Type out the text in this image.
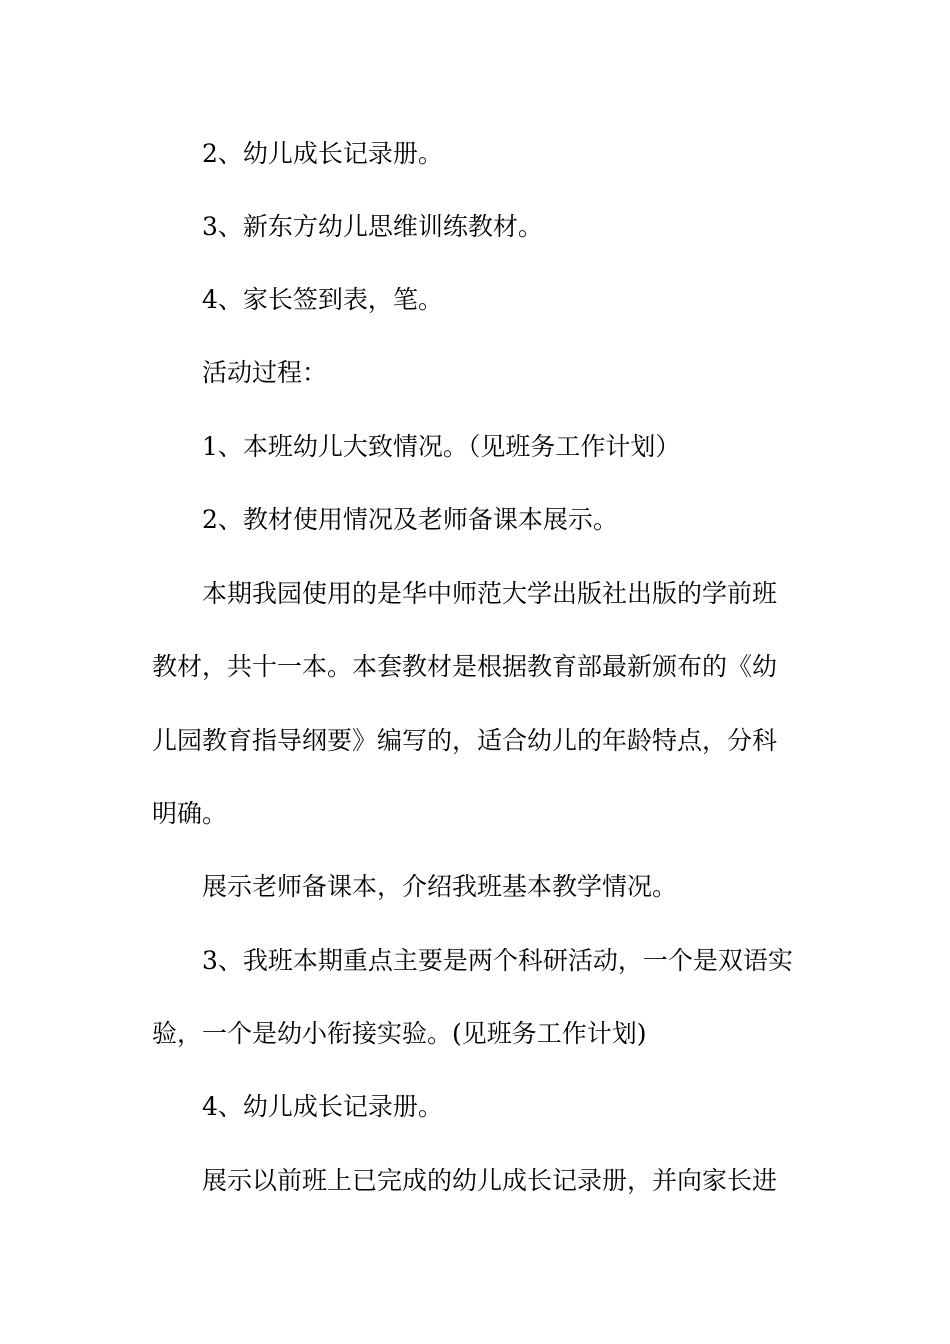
2、幼儿成长记录册。
3、新东方幼儿思维训练教材。
4、家长签到表，笔。
活动过程：
1、本班幼儿大致情况。（见班务工作计划）
2、教材使用情况及老师备课本展示。
本期我园使用的是华中师范大学出版社出版的学前班
教材，共十一本。本套教材是根据教育部最新颁布的《幼
儿园教育指导纲要》编写的，适合幼儿的年龄特点，分科
明确。
展示老师备课本，介绍我班基本教学情况。
3、我班本期重点主要是两个科研活动，一个是双语实
验，一个是幼小衔接实验。(见班务工作计划)
4、幼儿成长记录册。
展示以前班上已完成的幼儿成长记录册，并向家长进
